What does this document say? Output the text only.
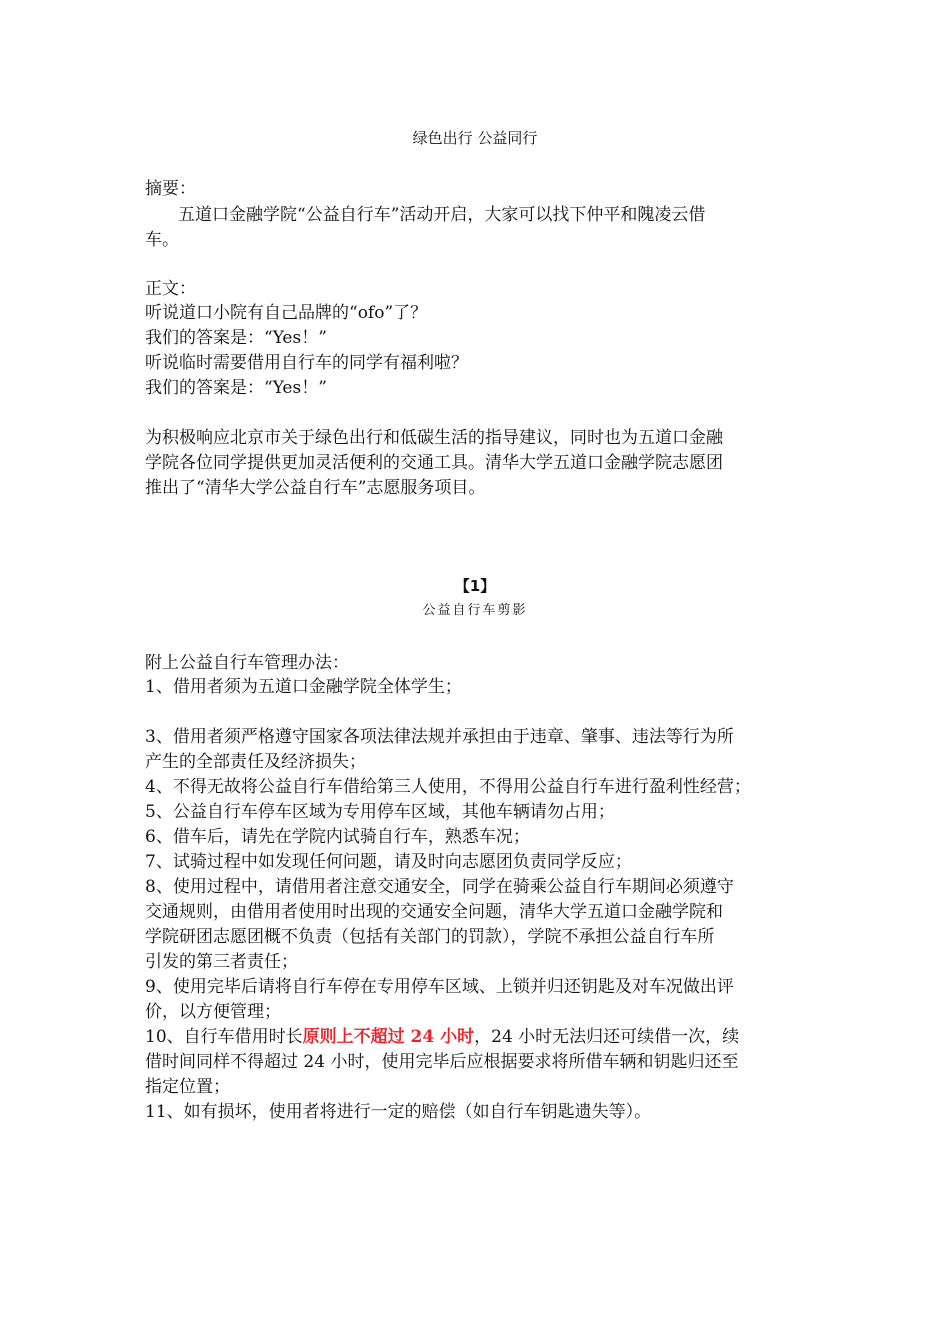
绿色出行 公益同行
摘要：
五道口金融学院“公益自行车”活动开启，大家可以找下仲平和隗凌云借
车。
正文：
听说道口小院有自己品牌的“ofo”了？
我们的答案是：“Yes！”
听说临时需要借用自行车的同学有福利啦？
我们的答案是：“Yes！”
为积极响应北京市关于绿色出行和低碳生活的指导建议，同时也为五道口金融
学院各位同学提供更加灵活便利的交通工具。清华大学五道口金融学院志愿团
推出了“清华大学公益自行车”志愿服务项目。
【1】
公益自行车剪影
附上公益自行车管理办法：
1、借用者须为五道口金融学院全体学生；
3、借用者须严格遵守国家各项法律法规并承担由于违章、肇事、违法等行为所
产生的全部责任及经济损失；
4、不得无故将公益自行车借给第三人使用，不得用公益自行车进行盈利性经营；
5、公益自行车停车区域为专用停车区域，其他车辆请勿占用；
6、借车后，请先在学院内试骑自行车，熟悉车况；
7、试骑过程中如发现任何问题，请及时向志愿团负责同学反应；
8、使用过程中，请借用者注意交通安全，同学在骑乘公益自行车期间必须遵守
交通规则，由借用者使用时出现的交通安全问题，清华大学五道口金融学院和
学院研团志愿团概不负责（包括有关部门的罚款），学院不承担公益自行车所
引发的第三者责任；
9、使用完毕后请将自行车停在专用停车区域、上锁并归还钥匙及对车况做出评
价，以方便管理；
10、自行车借用时长原则上不超过 24 小时，24 小时无法归还可续借一次，续
借时间同样不得超过 24 小时，使用完毕后应根据要求将所借车辆和钥匙归还至
指定位置；
11、如有损坏，使用者将进行一定的赔偿（如自行车钥匙遗失等）。
